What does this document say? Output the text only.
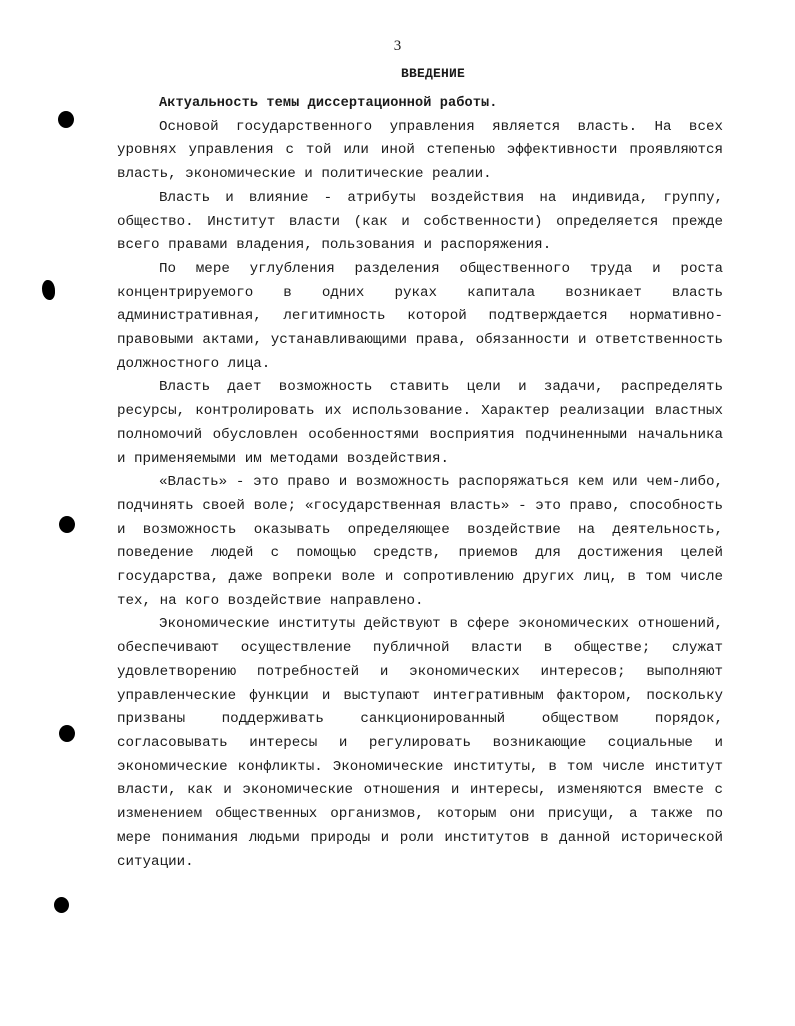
3
ВВЕДЕНИЕ

Актуальность темы диссертационной работы.

Основой государственного управления является власть. На всех уровнях управления с той или иной степенью эффективности проявляются власть, экономические и политические реалии.

Власть и влияние - атрибуты воздействия на индивида, группу, общество. Институт власти (как и собственности) определяется прежде всего правами владения, пользования и распоряжения.

По мере углубления разделения общественного труда и роста концентрируемого в одних руках капитала возникает власть административная, легитимность которой подтверждается нормативно-правовыми актами, устанавливающими права, обязанности и ответственность должностного лица.

Власть дает возможность ставить цели и задачи, распределять ресурсы, контролировать их использование. Характер реализации властных полномочий обусловлен особенностями восприятия подчиненными начальника и применяемыми им методами воздействия.

«Власть» - это право и возможность распоряжаться кем или чем-либо, подчинять своей воле; «государственная власть» - это право, способность и возможность оказывать определяющее воздействие на деятельность, поведение людей с помощью средств, приемов для достижения целей государства, даже вопреки воле и сопротивлению других лиц, в том числе тех, на кого воздействие направлено.

Экономические институты действуют в сфере экономических отношений, обеспечивают осуществление публичной власти в обществе; служат удовлетворению потребностей и экономических интересов; выполняют управленческие функции и выступают интегративным фактором, поскольку призваны поддерживать санкционированный обществом порядок, согласовывать интересы и регулировать возникающие социальные и экономические конфликты. Экономические институты, в том числе институт власти, как и экономические отношения и интересы, изменяются вместе с изменением общественных организмов, которым они присущи, а также по мере понимания людьми природы и роли институтов в данной исторической ситуации.
